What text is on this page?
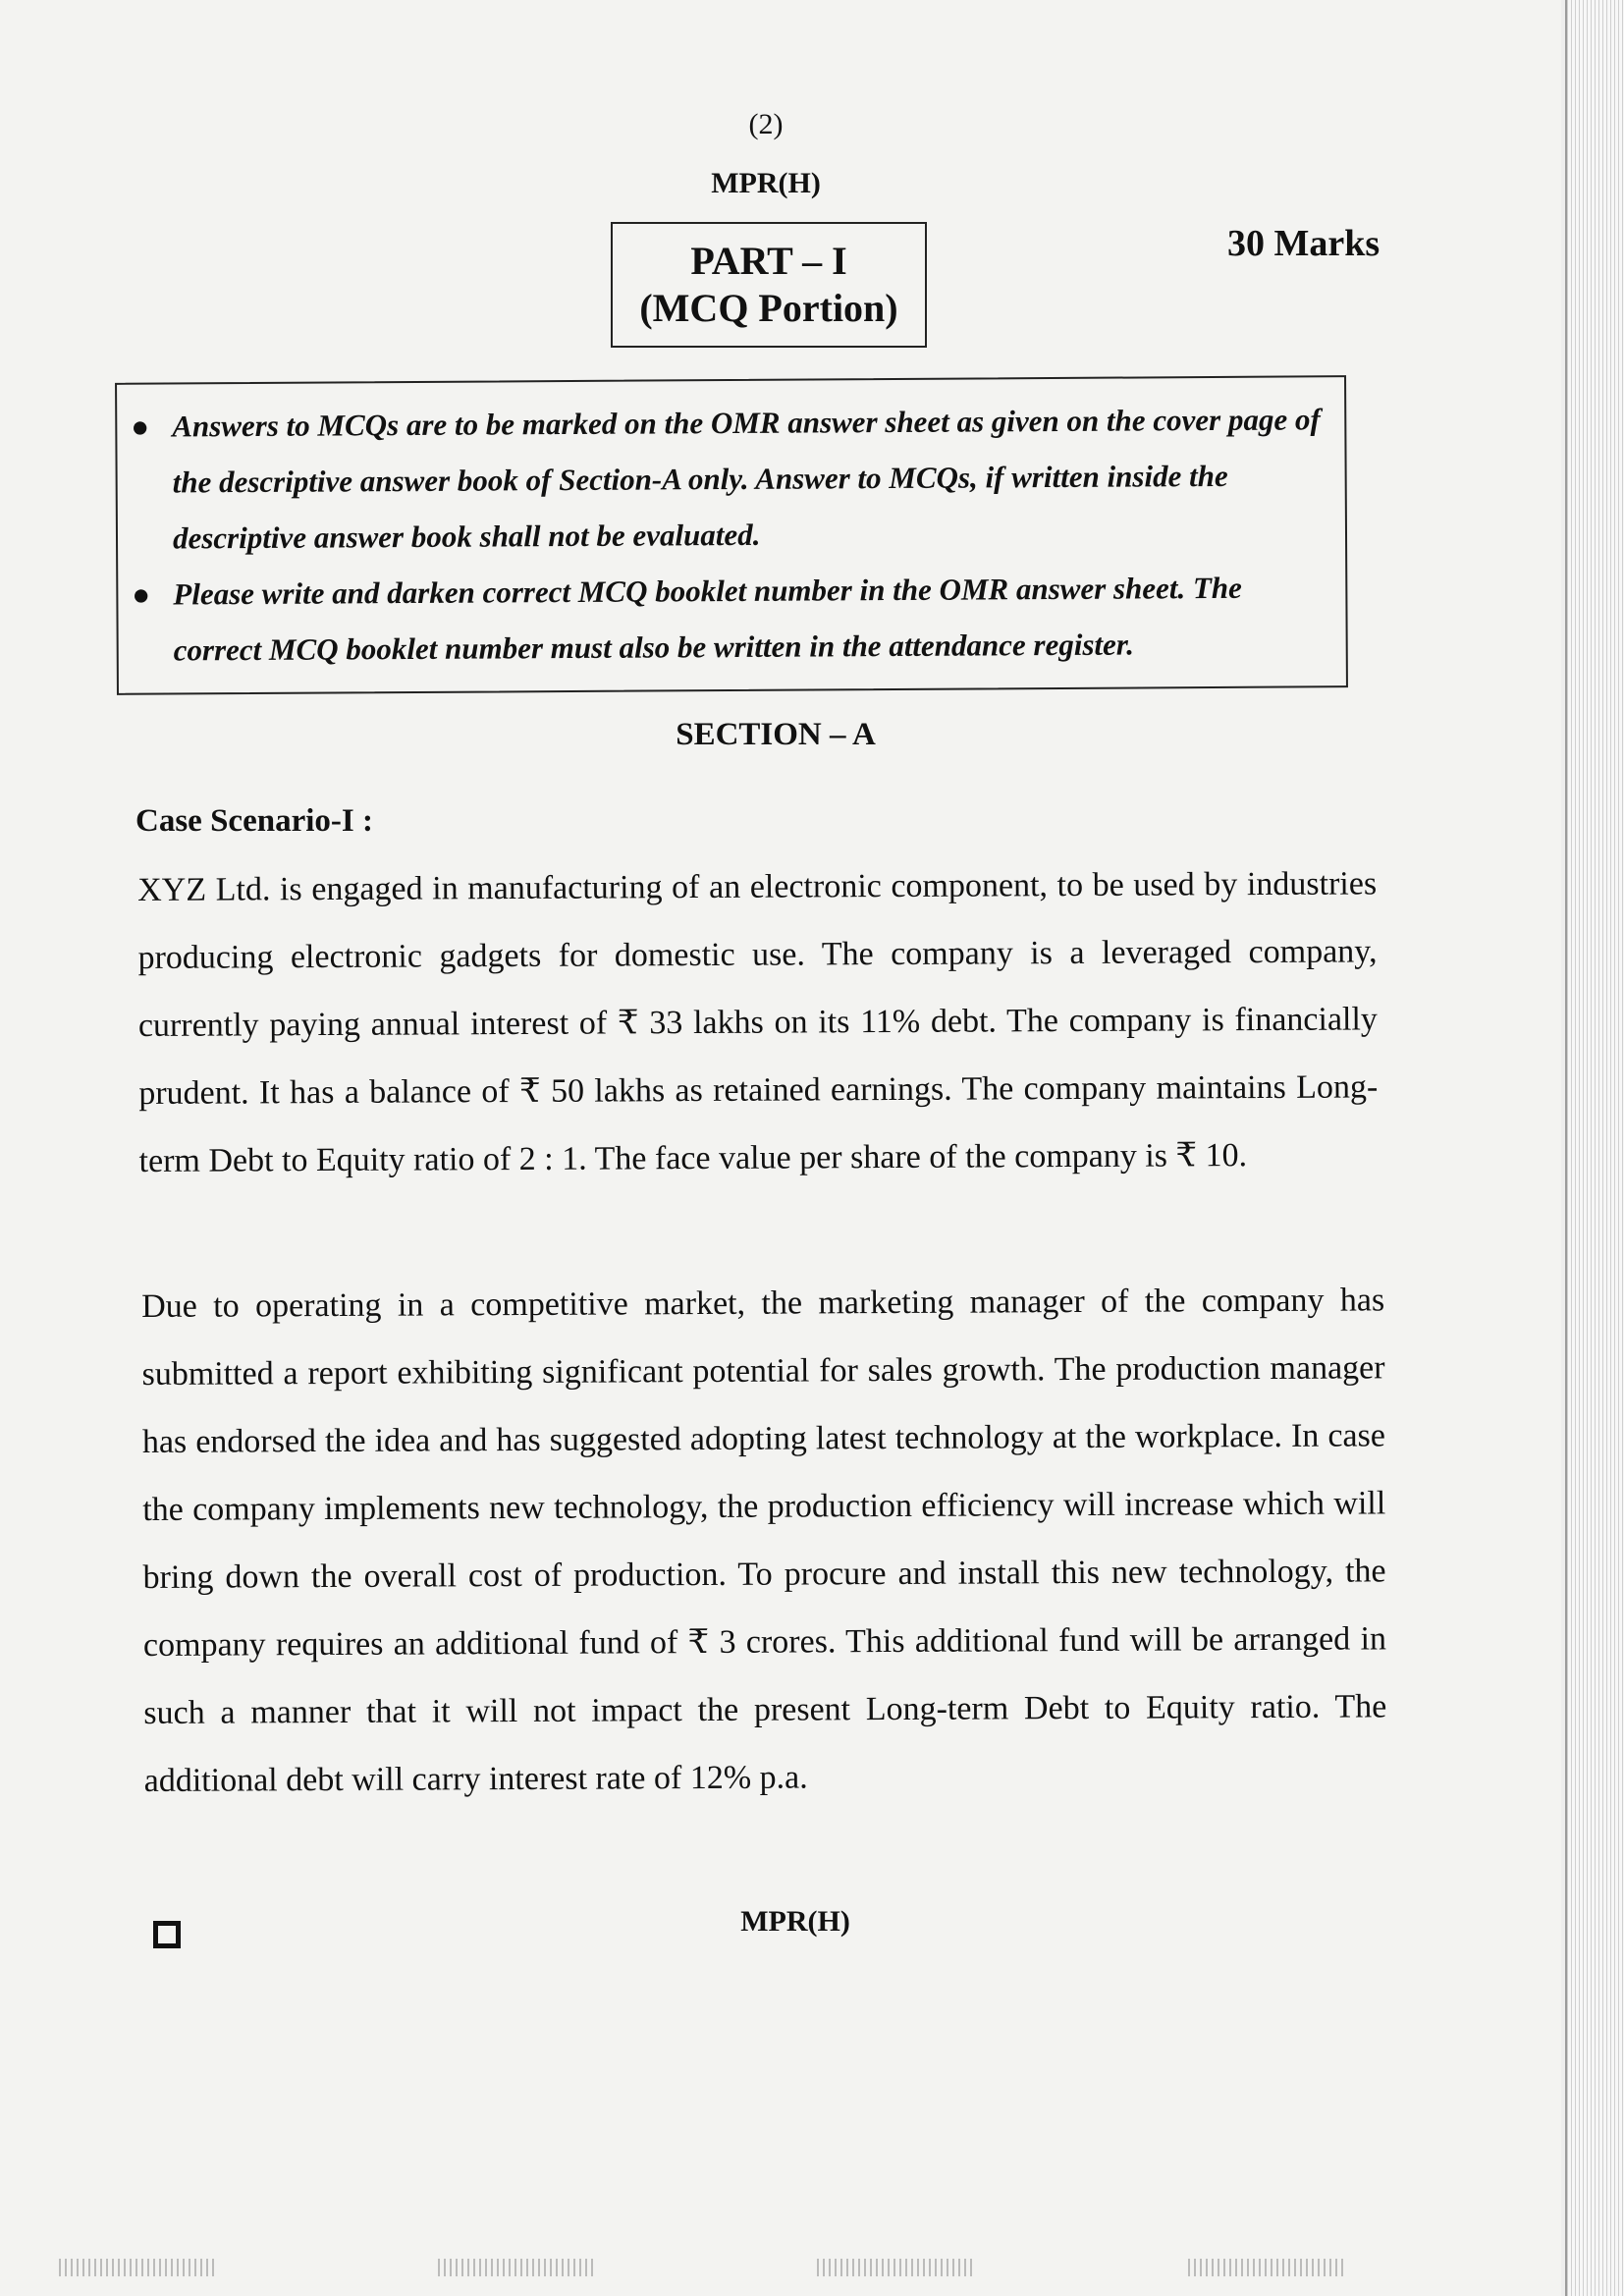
(2)
MPR(H)
PART – I
(MCQ Portion)
30 Marks
● Answers to MCQs are to be marked on the OMR answer sheet as given on the cover page of the descriptive answer book of Section-A only. Answer to MCQs, if written inside the descriptive answer book shall not be evaluated.
● Please write and darken correct MCQ booklet number in the OMR answer sheet. The correct MCQ booklet number must also be written in the attendance register.
SECTION – A
Case Scenario-I :
XYZ Ltd. is engaged in manufacturing of an electronic component, to be used by industries producing electronic gadgets for domestic use. The company is a leveraged company, currently paying annual interest of ₹ 33 lakhs on its 11% debt. The company is financially prudent. It has a balance of ₹ 50 lakhs as retained earnings. The company maintains Long-term Debt to Equity ratio of 2 : 1. The face value per share of the company is ₹ 10.
Due to operating in a competitive market, the marketing manager of the company has submitted a report exhibiting significant potential for sales growth. The production manager has endorsed the idea and has suggested adopting latest technology at the workplace. In case the company implements new technology, the production efficiency will increase which will bring down the overall cost of production. To procure and install this new technology, the company requires an additional fund of ₹ 3 crores. This additional fund will be arranged in such a manner that it will not impact the present Long-term Debt to Equity ratio. The additional debt will carry interest rate of 12% p.a.
MPR(H)
